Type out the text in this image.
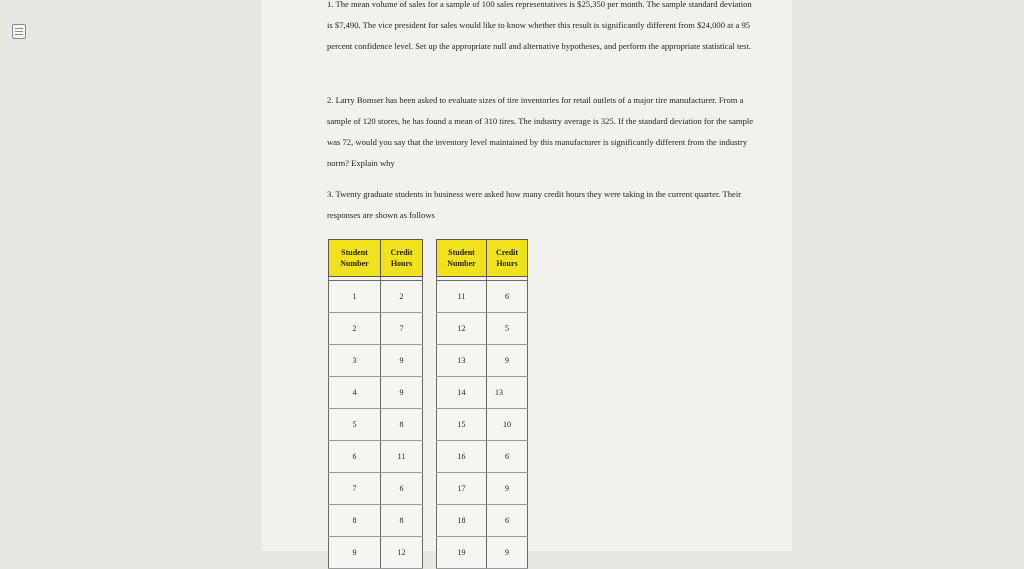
1. The mean volume of sales for a sample of 100 sales representatives is $25,350 per month. The sample standard deviation is $7,490. The vice president for sales would like to know whether this result is significantly different from $24,000 at a 95 percent confidence level. Set up the appropriate null and alternative hypotheses, and perform the appropriate statistical test.

2. Larry Bomser has been asked to evaluate sizes of tire inventories for retail outlets of a major tire manufacturer. From a sample of 120 stores, he has found a mean of 310 tires. The industry average is 325. If the standard deviation for the sample was 72, would you say that the inventory level maintained by this manufacturer is significantly different from the industry norm? Explain why

3. Twenty graduate students in business were asked how many credit hours they were taking in the current quarter. Their responses are shown as follows

Student Number	Credit Hours

1	2
2	7
3	9
4	9
5	8
6	11
7	6
8	8
9	12
Student Number	Credit Hours

11	6
12	5
13	9
14	13
15	10
16	6
17	9
18	6
19	9
